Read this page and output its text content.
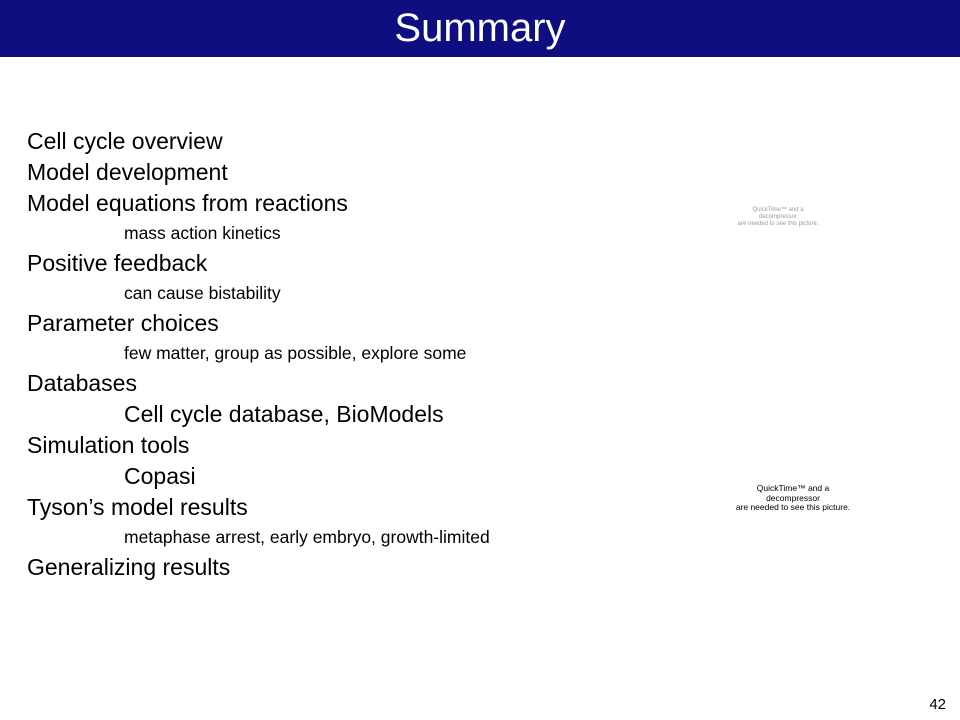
Summary
Cell cycle overview
Model development
Model equations from reactions
mass action kinetics
Positive feedback
can cause bistability
Parameter choices
few matter, group as possible, explore some
Databases
Cell cycle database, BioModels
Simulation tools
Copasi
Tyson’s model results
metaphase arrest, early embryo, growth-limited
Generalizing results
QuickTime™ and a
decompressor
are needed to see this picture.
QuickTime™ and a
decompressor
are needed to see this picture.
42
